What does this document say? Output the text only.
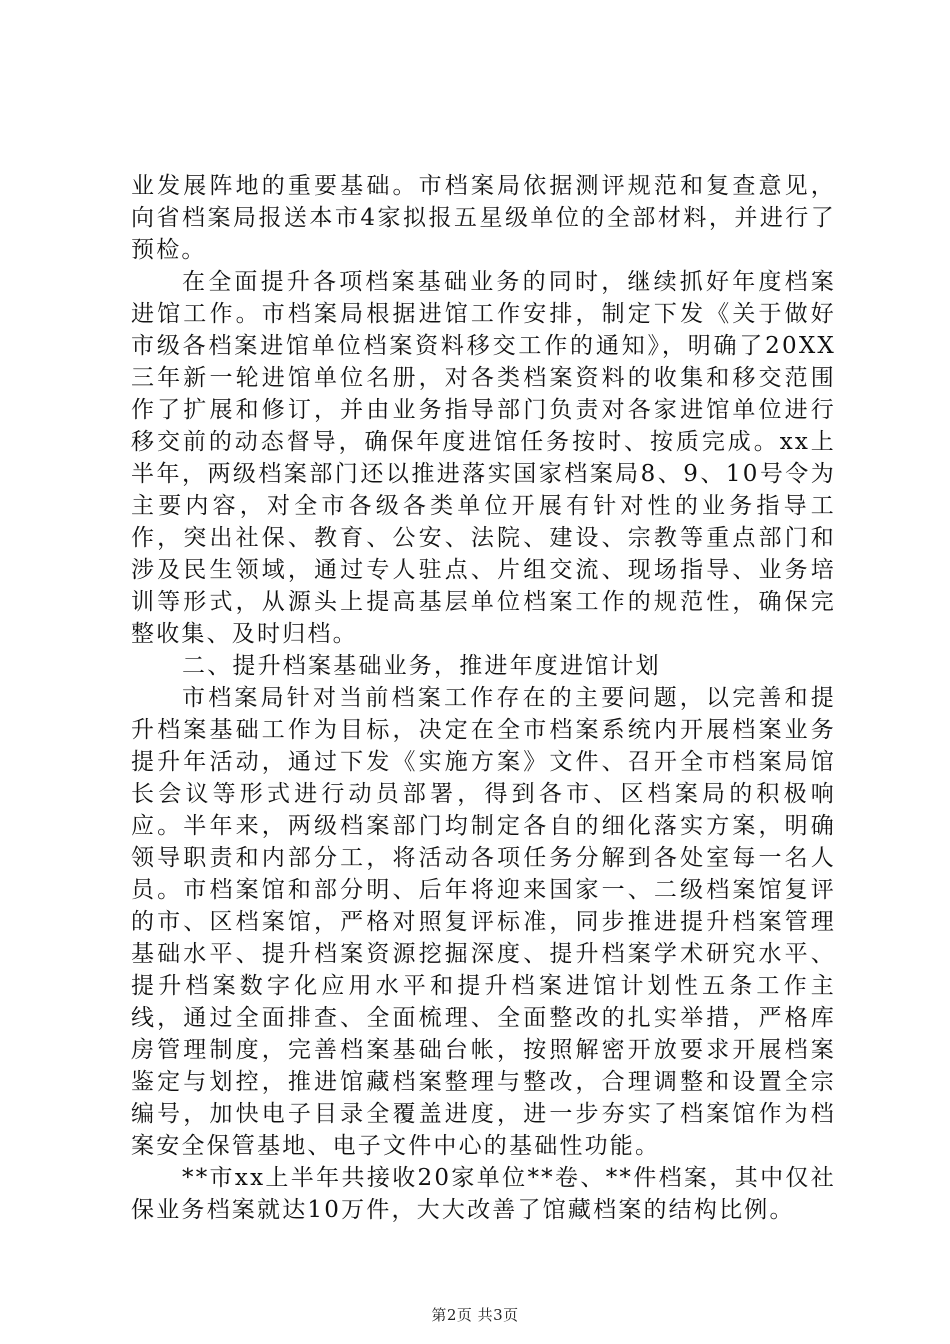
业发展阵地的重要基础。市档案局依据测评规范和复查意见，向省档案局报送本市4家拟报五星级单位的全部材料，并进行了预检。

在全面提升各项档案基础业务的同时，继续抓好年度档案进馆工作。市档案局根据进馆工作安排，制定下发《关于做好市级各档案进馆单位档案资料移交工作的通知》，明确了20XX三年新一轮进馆单位名册，对各类档案资料的收集和移交范围作了扩展和修订，并由业务指导部门负责对各家进馆单位进行移交前的动态督导，确保年度进馆任务按时、按质完成。xx上半年，两级档案部门还以推进落实国家档案局8、9、10号令为主要内容，对全市各级各类单位开展有针对性的业务指导工作，突出社保、教育、公安、法院、建设、宗教等重点部门和涉及民生领域，通过专人驻点、片组交流、现场指导、业务培训等形式，从源头上提高基层单位档案工作的规范性，确保完整收集、及时归档。

二、提升档案基础业务，推进年度进馆计划

市档案局针对当前档案工作存在的主要问题，以完善和提升档案基础工作为目标，决定在全市档案系统内开展档案业务提升年活动，通过下发《实施方案》文件、召开全市档案局馆长会议等形式进行动员部署，得到各市、区档案局的积极响应。半年来，两级档案部门均制定各自的细化落实方案，明确领导职责和内部分工，将活动各项任务分解到各处室每一名人员。市档案馆和部分明、后年将迎来国家一、二级档案馆复评的市、区档案馆，严格对照复评标准，同步推进提升档案管理基础水平、提升档案资源挖掘深度、提升档案学术研究水平、提升档案数字化应用水平和提升档案进馆计划性五条工作主线，通过全面排查、全面梳理、全面整改的扎实举措，严格库房管理制度，完善档案基础台帐，按照解密开放要求开展档案鉴定与划控，推进馆藏档案整理与整改，合理调整和设置全宗编号，加快电子目录全覆盖进度，进一步夯实了档案馆作为档案安全保管基地、电子文件中心的基础性功能。

**市xx上半年共接收20家单位**卷、**件档案，其中仅社保业务档案就达10万件，大大改善了馆藏档案的结构比例。

第2页 共3页
